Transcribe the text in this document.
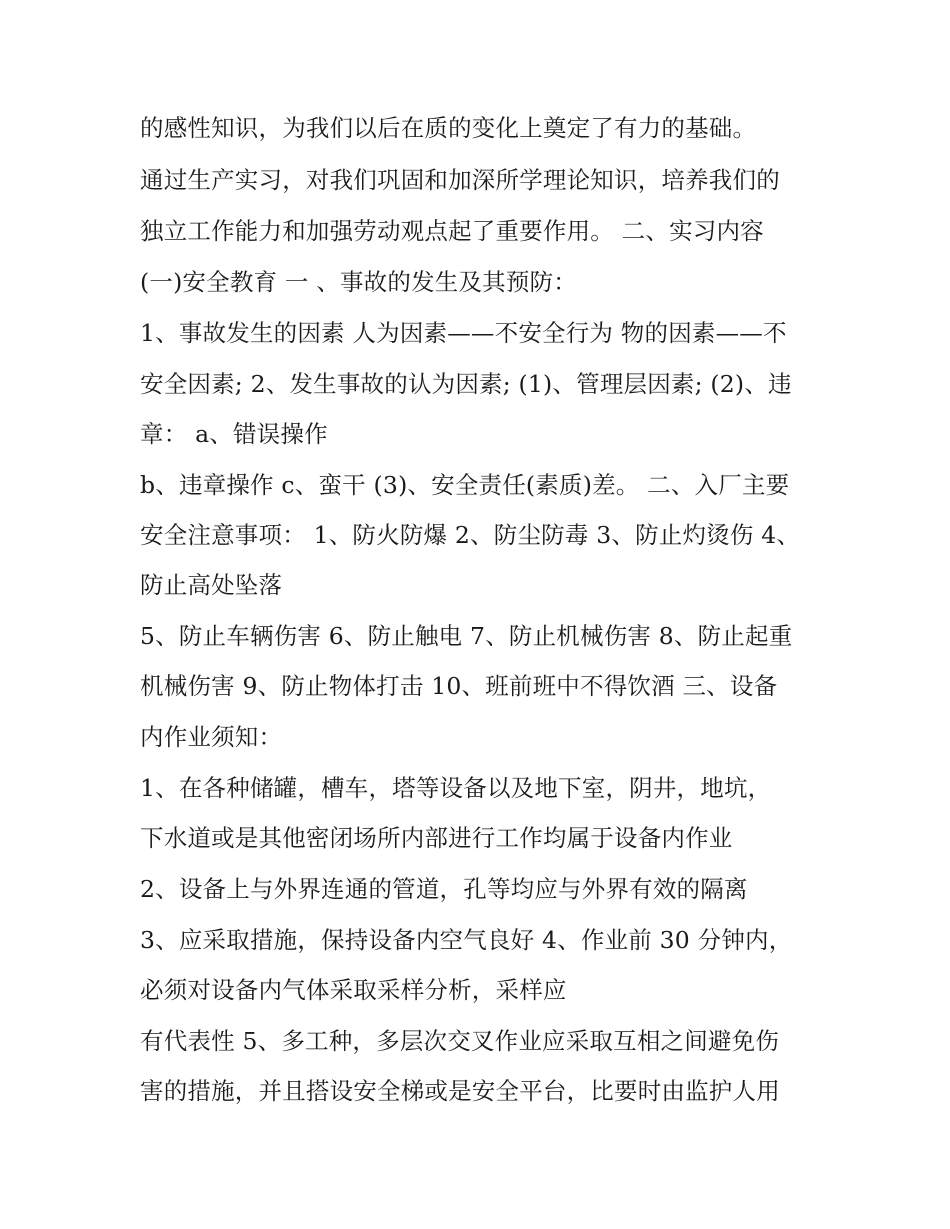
的感性知识，为我们以后在质的变化上奠定了有力的基础。
通过生产实习，对我们巩固和加深所学理论知识，培养我们的
独立工作能力和加强劳动观点起了重要作用。 二、实习内容
(一)安全教育 一 、事故的发生及其预防：
1、事故发生的因素 人为因素——不安全行为 物的因素——不
安全因素; 2、发生事故的认为因素; (1)、管理层因素; (2)、违
章： a、错误操作
b、违章操作 c、蛮干 (3)、安全责任(素质)差。 二、入厂主要
安全注意事项： 1、防火防爆 2、防尘防毒 3、防止灼烫伤 4、
防止高处坠落
5、防止车辆伤害 6、防止触电 7、防止机械伤害 8、防止起重
机械伤害 9、防止物体打击 10、班前班中不得饮酒 三、设备
内作业须知：
1、在各种储罐，槽车，塔等设备以及地下室，阴井，地坑，
下水道或是其他密闭场所内部进行工作均属于设备内作业
2、设备上与外界连通的管道，孔等均应与外界有效的隔离
3、应采取措施，保持设备内空气良好 4、作业前 30 分钟内，
必须对设备内气体采取采样分析，采样应
有代表性 5、多工种，多层次交叉作业应采取互相之间避免伤
害的措施，并且搭设安全梯或是安全平台，比要时由监护人用
